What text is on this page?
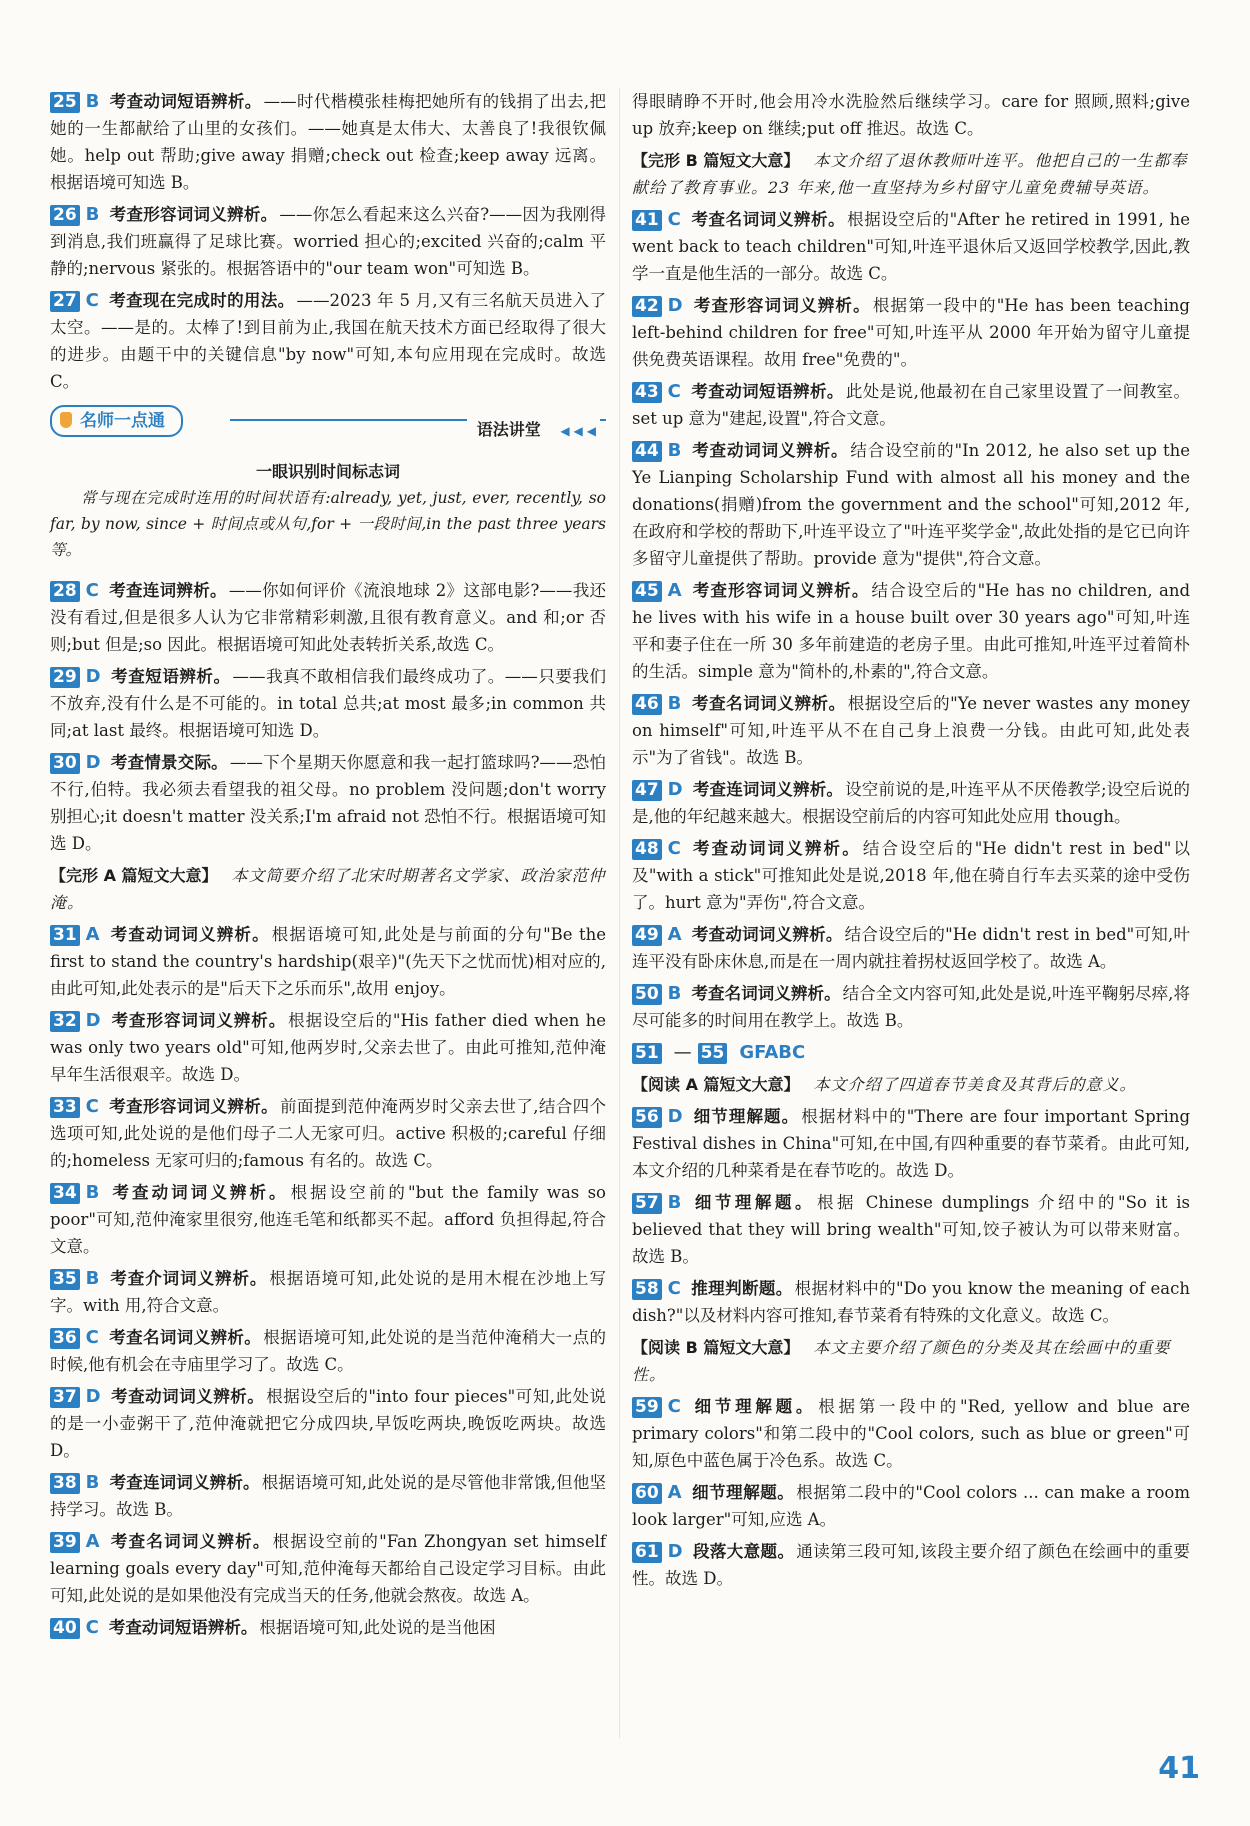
25 B 考查动词短语辨析。 ——时代楷模张桂梅把她所有的钱捐了出去,把她的一生都献给了山里的女孩们。——她真是太伟大、太善良了!我很钦佩她。help out 帮助;give away 捐赠;check out 检查;keep away 远离。根据语境可知选 B。
26 B 考查形容词词义辨析。 ——你怎么看起来这么兴奋?——因为我刚得到消息,我们班赢得了足球比赛。worried 担心的;excited 兴奋的;calm 平静的;nervous 紧张的。根据答语中的"our team won"可知选 B。
27 C 考查现在完成时的用法。 ——2023 年 5 月,又有三名航天员进入了太空。——是的。太棒了!到目前为止,我国在航天技术方面已经取得了很大的进步。由题干中的关键信息"by now"可知,本句应用现在完成时。故选 C。
名师一点通	语法讲堂 ◀◀◀
一眼识别时间标志词
常与现在完成时连用的时间状语有:already, yet, just, ever, recently, so far, by now, since + 时间点或从句,for + 一段时间,in the past three years 等。
28 C 考查连词辨析。 ——你如何评价《流浪地球 2》这部电影?——我还没有看过,但是很多人认为它非常精彩刺激,且很有教育意义。and 和;or 否则;but 但是;so 因此。根据语境可知此处表转折关系,故选 C。
29 D 考查短语辨析。 ——我真不敢相信我们最终成功了。——只要我们不放弃,没有什么是不可能的。in total 总共;at most 最多;in common 共同;at last 最终。根据语境可知选 D。
30 D 考查情景交际。 ——下个星期天你愿意和我一起打篮球吗?——恐怕不行,伯特。我必须去看望我的祖父母。no problem 没问题;don't worry 别担心;it doesn't matter 没关系;I'm afraid not 恐怕不行。根据语境可知选 D。
【完形 A 篇短文大意】 本文简要介绍了北宋时期著名文学家、政治家范仲淹。
31 A 考查动词词义辨析。 根据语境可知,此处是与前面的分句"Be the first to stand the country's hardship(艰辛)"(先天下之忧而忧)相对应的,由此可知,此处表示的是"后天下之乐而乐",故用 enjoy。
32 D 考查形容词词义辨析。 根据设空后的"His father died when he was only two years old"可知,他两岁时,父亲去世了。由此可推知,范仲淹早年生活很艰辛。故选 D。
33 C 考查形容词词义辨析。 前面提到范仲淹两岁时父亲去世了,结合四个选项可知,此处说的是他们母子二人无家可归。active 积极的;careful 仔细的;homeless 无家可归的;famous 有名的。故选 C。
34 B 考查动词词义辨析。 根据设空前的"but the family was so poor"可知,范仲淹家里很穷,他连毛笔和纸都买不起。afford 负担得起,符合文意。
35 B 考查介词词义辨析。 根据语境可知,此处说的是用木棍在沙地上写字。with 用,符合文意。
36 C 考查名词词义辨析。 根据语境可知,此处说的是当范仲淹稍大一点的时候,他有机会在寺庙里学习了。故选 C。
37 D 考查动词词义辨析。 根据设空后的"into four pieces"可知,此处说的是一小壶粥干了,范仲淹就把它分成四块,早饭吃两块,晚饭吃两块。故选 D。
38 B 考查连词词义辨析。 根据语境可知,此处说的是尽管他非常饿,但他坚持学习。故选 B。
39 A 考查名词词义辨析。 根据设空前的"Fan Zhongyan set himself learning goals every day"可知,范仲淹每天都给自己设定学习目标。由此可知,此处说的是如果他没有完成当天的任务,他就会熬夜。故选 A。
40 C 考查动词短语辨析。 根据语境可知,此处说的是当他困
得眼睛睁不开时,他会用冷水洗脸然后继续学习。care for 照顾,照料;give up 放弃;keep on 继续;put off 推迟。故选 C。
【完形 B 篇短文大意】 本文介绍了退休教师叶连平。他把自己的一生都奉献给了教育事业。23 年来,他一直坚持为乡村留守儿童免费辅导英语。
41 C 考查名词词义辨析。 根据设空后的"After he retired in 1991, he went back to teach children"可知,叶连平退休后又返回学校教学,因此,教学一直是他生活的一部分。故选 C。
42 D 考查形容词词义辨析。 根据第一段中的"He has been teaching left-behind children for free"可知,叶连平从 2000 年开始为留守儿童提供免费英语课程。故用 free"免费的"。
43 C 考查动词短语辨析。 此处是说,他最初在自己家里设置了一间教室。set up 意为"建起,设置",符合文意。
44 B 考查动词词义辨析。 结合设空前的"In 2012, he also set up the Ye Lianping Scholarship Fund with almost all his money and the donations(捐赠)from the government and the school"可知,2012 年,在政府和学校的帮助下,叶连平设立了"叶连平奖学金",故此处指的是它已向许多留守儿童提供了帮助。provide 意为"提供",符合文意。
45 A 考查形容词词义辨析。 结合设空后的"He has no children, and he lives with his wife in a house built over 30 years ago"可知,叶连平和妻子住在一所 30 多年前建造的老房子里。由此可推知,叶连平过着简朴的生活。simple 意为"简朴的,朴素的",符合文意。
46 B 考查名词词义辨析。 根据设空后的"Ye never wastes any money on himself"可知,叶连平从不在自己身上浪费一分钱。由此可知,此处表示"为了省钱"。故选 B。
47 D 考查连词词义辨析。 设空前说的是,叶连平从不厌倦教学;设空后说的是,他的年纪越来越大。根据设空前后的内容可知此处应用 though。
48 C 考查动词词义辨析。 结合设空后的"He didn't rest in bed"以及"with a stick"可推知此处是说,2018 年,他在骑自行车去买菜的途中受伤了。hurt 意为"弄伤",符合文意。
49 A 考查动词词义辨析。 结合设空后的"He didn't rest in bed"可知,叶连平没有卧床休息,而是在一周内就拄着拐杖返回学校了。故选 A。
50 B 考查名词词义辨析。 结合全文内容可知,此处是说,叶连平鞠躬尽瘁,将尽可能多的时间用在教学上。故选 B。
51 — 55 GFABC
【阅读 A 篇短文大意】 本文介绍了四道春节美食及其背后的意义。
56 D 细节理解题。 根据材料中的"There are four important Spring Festival dishes in China"可知,在中国,有四种重要的春节菜肴。由此可知,本文介绍的几种菜肴是在春节吃的。故选 D。
57 B 细节理解题。 根据 Chinese dumplings 介绍中的"So it is believed that they will bring wealth"可知,饺子被认为可以带来财富。故选 B。
58 C 推理判断题。 根据材料中的"Do you know the meaning of each dish?"以及材料内容可推知,春节菜肴有特殊的文化意义。故选 C。
【阅读 B 篇短文大意】 本文主要介绍了颜色的分类及其在绘画中的重要性。
59 C 细节理解题。 根据第一段中的"Red, yellow and blue are primary colors"和第二段中的"Cool colors, such as blue or green"可知,原色中蓝色属于冷色系。故选 C。
60 A 细节理解题。 根据第二段中的"Cool colors ... can make a room look larger"可知,应选 A。
61 D 段落大意题。 通读第三段可知,该段主要介绍了颜色在绘画中的重要性。故选 D。
41
